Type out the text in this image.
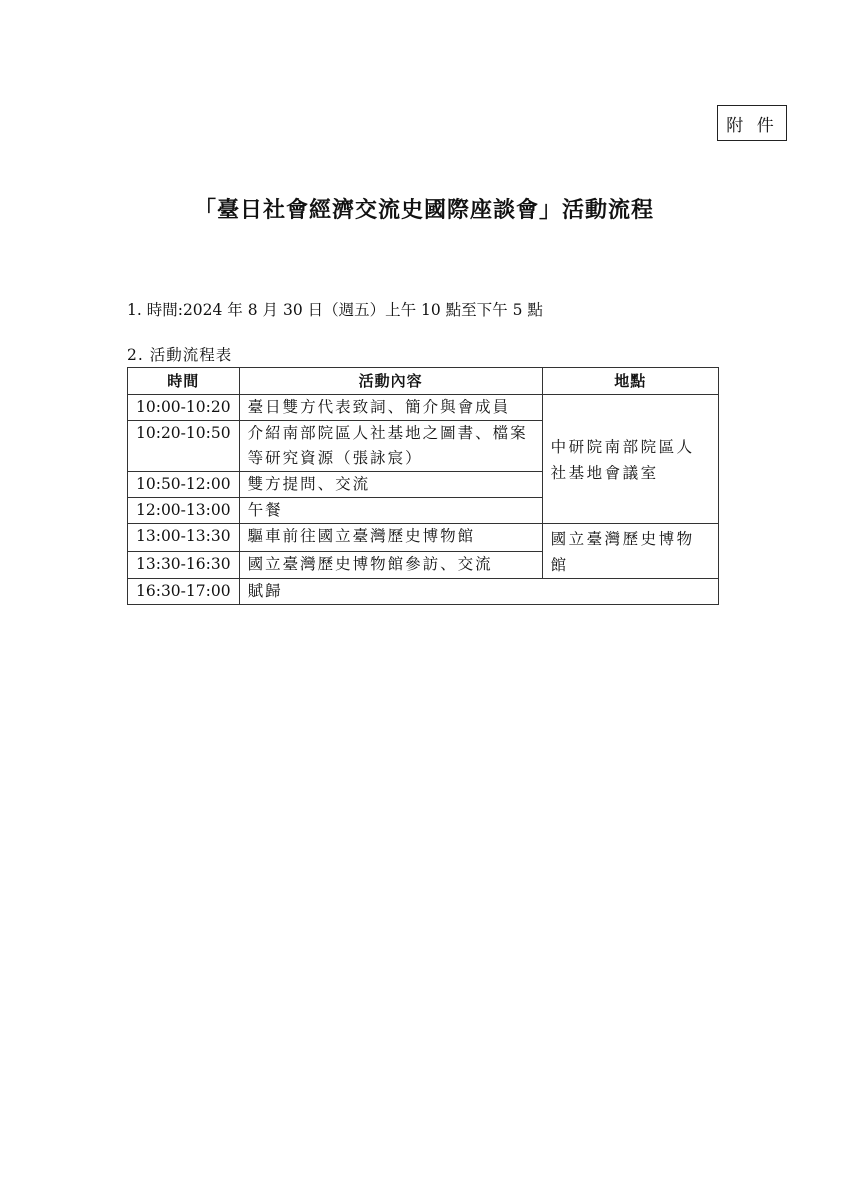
附 件
「臺日社會經濟交流史國際座談會」活動流程
1. 時間:2024 年 8 月 30 日（週五）上午 10 點至下午 5 點
2. 活動流程表
時間	活動內容	地點
10:00-10:20	臺日雙方代表致詞、簡介與會成員	中研院南部院區人社基地會議室
10:20-10:50	介紹南部院區人社基地之圖書、檔案等研究資源（張詠宸）	
10:50-12:00	雙方提問、交流	
12:00-13:00	午餐	
13:00-13:30	驅車前往國立臺灣歷史博物館	國立臺灣歷史博物館
13:30-16:30	國立臺灣歷史博物館參訪、交流	
16:30-17:00	賦歸	
